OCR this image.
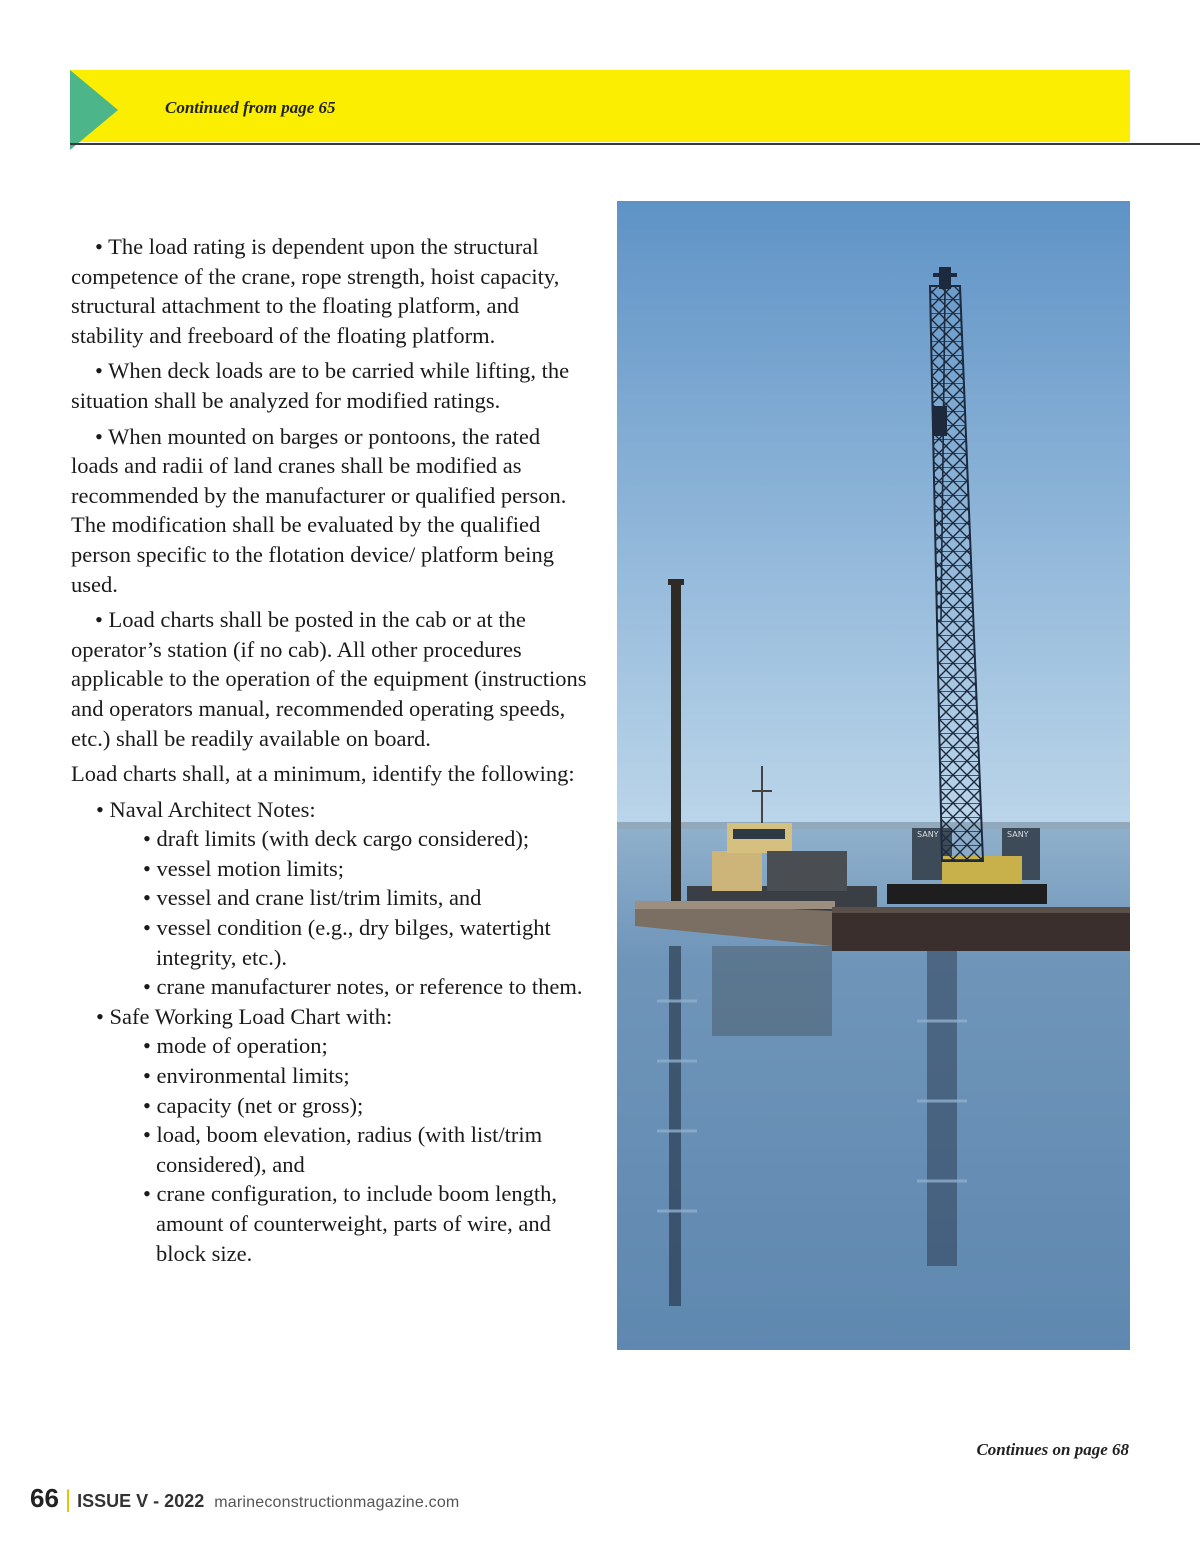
Continued from page 65

• The load rating is dependent upon the structural competence of the crane, rope strength, hoist capacity, structural attachment to the floating platform, and stability and freeboard of the floating platform.

• When deck loads are to be carried while lifting, the situation shall be analyzed for modified ratings.

• When mounted on barges or pontoons, the rated loads and radii of land cranes shall be modified as recommended by the manufacturer or qualified person. The modification shall be evaluated by the qualified person specific to the flotation device/ platform being used.

• Load charts shall be posted in the cab or at the operator’s station (if no cab). All other procedures applicable to the operation of the equipment (instructions and operators manual, recommended operating speeds, etc.) shall be readily available on board.

Load charts shall, at a minimum, identify the following:

• Naval Architect Notes:
• draft limits (with deck cargo considered);
• vessel motion limits;
• vessel and crane list/trim limits, and
• vessel condition (e.g., dry bilges, watertight integrity, etc.).
• crane manufacturer notes, or reference to them.
• Safe Working Load Chart with:
• mode of operation;
• environmental limits;
• capacity (net or gross);
• load, boom elevation, radius (with list/trim considered), and
• crane configuration, to include boom length, amount of counterweight, parts of wire, and block size.
SANY	SANY
Continues on page 68
66 | ISSUE V - 2022 marineconstructionmagazine.com
